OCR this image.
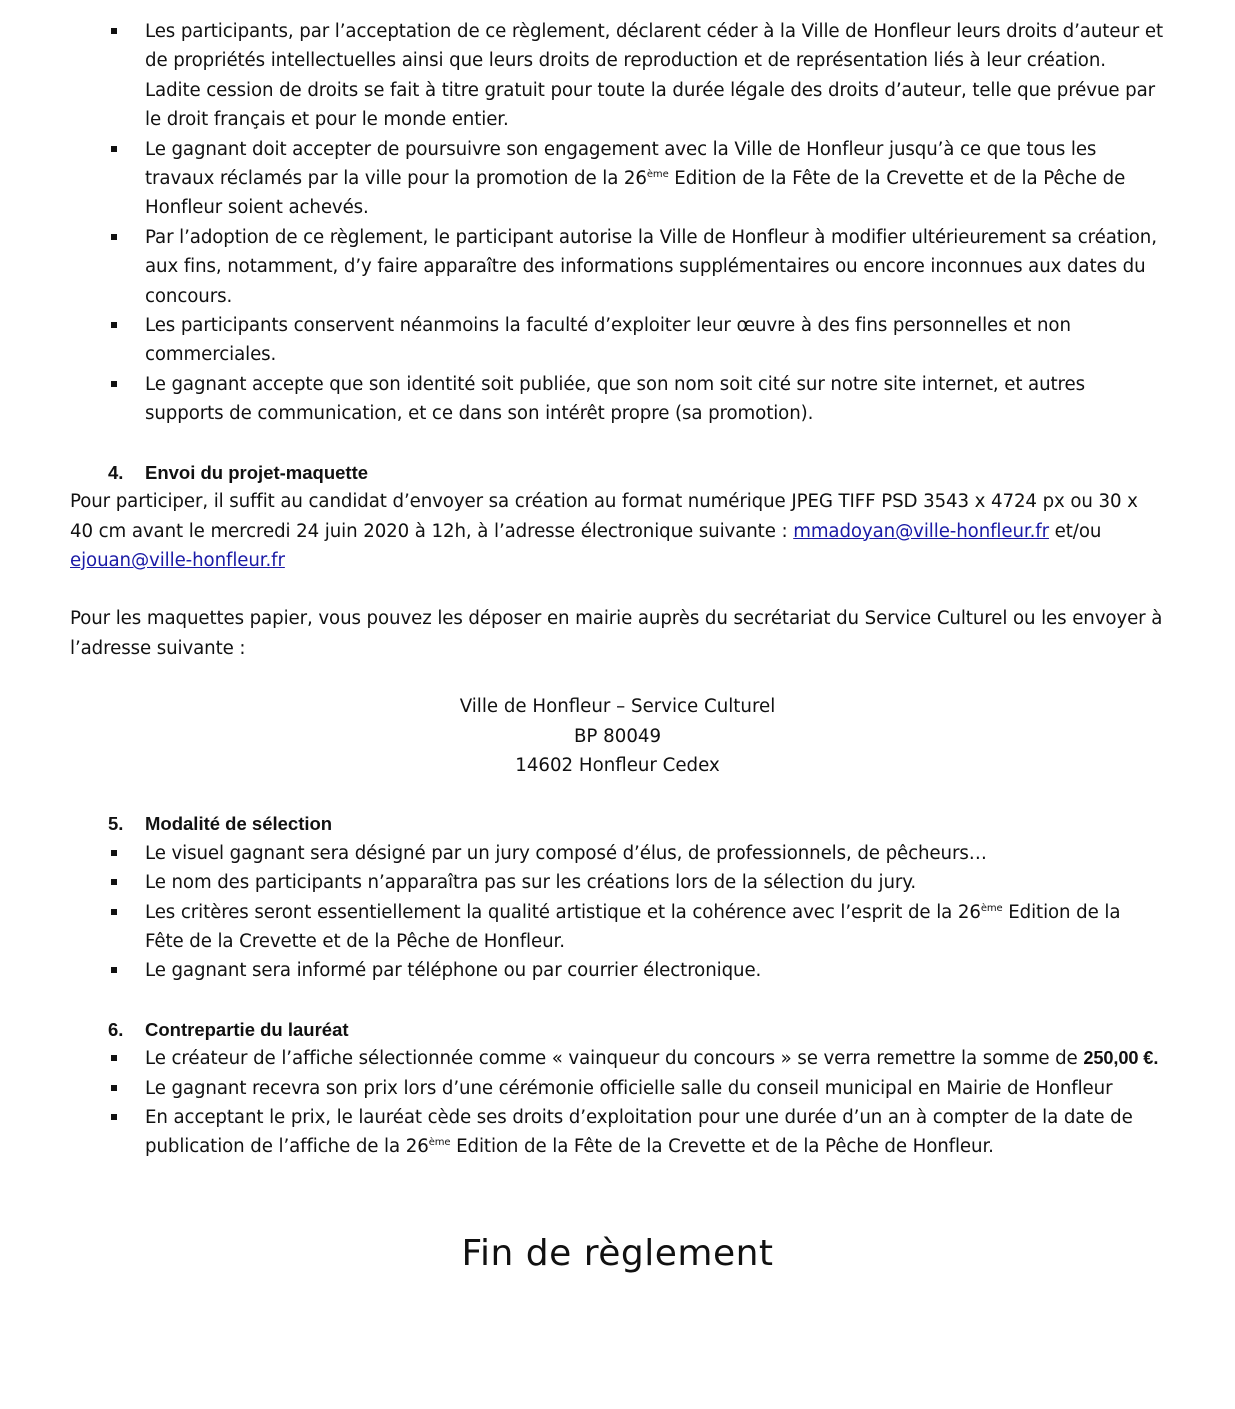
Les participants, par l’acceptation de ce règlement, déclarent céder à la Ville de Honfleur leurs droits d’auteur et de propriétés intellectuelles ainsi que leurs droits de reproduction et de représentation liés à leur création. Ladite cession de droits se fait à titre gratuit pour toute la durée légale des droits d’auteur, telle que prévue par le droit français et pour le monde entier.
Le gagnant doit accepter de poursuivre son engagement avec la Ville de Honfleur jusqu’à ce que tous les travaux réclamés par la ville pour la promotion de la 26ème Edition de la Fête de la Crevette et de la Pêche de Honfleur soient achevés.
Par l’adoption de ce règlement, le participant autorise la Ville de Honfleur à modifier ultérieurement sa création, aux fins, notamment, d’y faire apparaître des informations supplémentaires ou encore inconnues aux dates du concours.
Les participants conservent néanmoins la faculté d’exploiter leur œuvre à des fins personnelles et non commerciales.
Le gagnant accepte que son identité soit publiée, que son nom soit cité sur notre site internet, et autres supports de communication, et ce dans son intérêt propre (sa promotion).
4. Envoi du projet-maquette

Pour participer, il suffit au candidat d’envoyer sa création au format numérique JPEG TIFF PSD 3543 x 4724 px ou 30 x 40 cm avant le mercredi 24 juin 2020 à 12h, à l’adresse électronique suivante : mmadoyan@ville-honfleur.fr et/ou ejouan@ville-honfleur.fr

Pour les maquettes papier, vous pouvez les déposer en mairie auprès du secrétariat du Service Culturel ou les envoyer à l’adresse suivante :

Ville de Honfleur – Service Culturel

BP 80049

14602 Honfleur Cedex

5. Modalité de sélection
Le visuel gagnant sera désigné par un jury composé d’élus, de professionnels, de pêcheurs…
Le nom des participants n’apparaîtra pas sur les créations lors de la sélection du jury.
Les critères seront essentiellement la qualité artistique et la cohérence avec l’esprit de la 26ème Edition de la Fête de la Crevette et de la Pêche de Honfleur.
Le gagnant sera informé par téléphone ou par courrier électronique.
6. Contrepartie du lauréat
Le créateur de l’affiche sélectionnée comme « vainqueur du concours » se verra remettre la somme de 250,00 €.
Le gagnant recevra son prix lors d’une cérémonie officielle salle du conseil municipal en Mairie de Honfleur
En acceptant le prix, le lauréat cède ses droits d’exploitation pour une durée d’un an à compter de la date de publication de l’affiche de la 26ème Edition de la Fête de la Crevette et de la Pêche de Honfleur.
Fin de règlement
